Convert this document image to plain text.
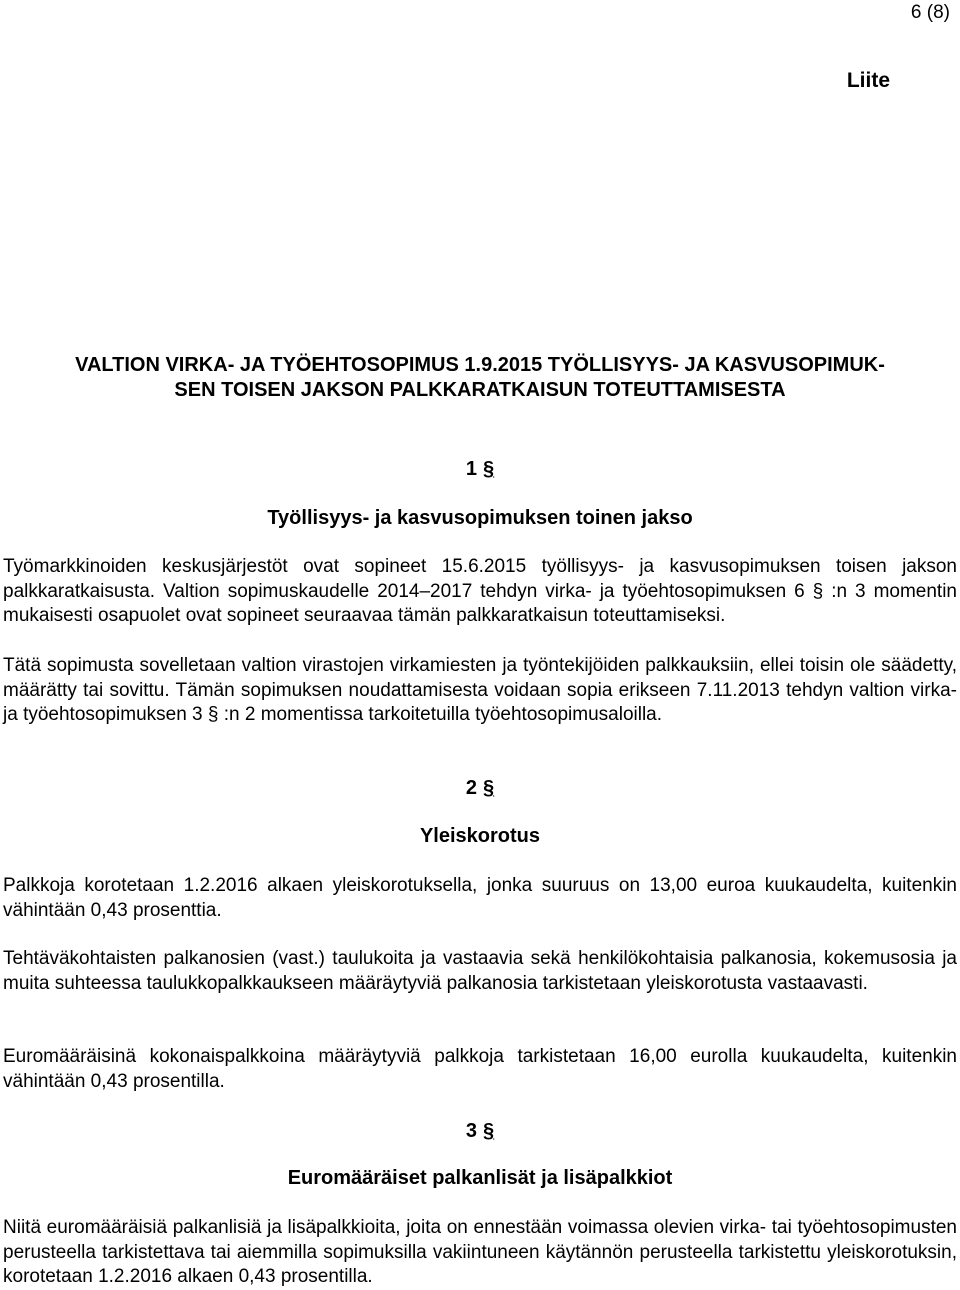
6 (8)
Liite
VALTION VIRKA- JA TYÖEHTOSOPIMUS 1.9.2015 TYÖLLISYYS- JA KASVUSOPIMUK-
SEN TOISEN JAKSON PALKKARATKAISUN TOTEUTTAMISESTA
1 §
Työllisyys- ja kasvusopimuksen toinen jakso

Työmarkkinoiden keskusjärjestöt ovat sopineet 15.6.2015 työllisyys- ja kasvusopimuksen toisen jakson palkkaratkaisusta. Valtion sopimuskaudelle 2014–2017 tehdyn virka- ja työehtosopimuksen 6 § :n 3 momentin mukaisesti osapuolet ovat sopineet seuraavaa tämän palkkaratkaisun toteuttamiseksi.

Tätä sopimusta sovelletaan valtion virastojen virkamiesten ja työntekijöiden palkkauksiin, ellei toisin ole säädetty, määrätty tai sovittu. Tämän sopimuksen noudattamisesta voidaan sopia erikseen 7.11.2013 tehdyn valtion virka- ja työehtosopimuksen 3 § :n 2 momentissa tarkoitetuilla työehtosopimusaloilla.

2 §
Yleiskorotus

Palkkoja korotetaan 1.2.2016 alkaen yleiskorotuksella, jonka suuruus on 13,00 euroa kuukaudelta, kuitenkin vähintään 0,43 prosenttia.

Tehtäväkohtaisten palkanosien (vast.) taulukoita ja vastaavia sekä henkilökohtaisia palkanosia, kokemusosia ja muita suhteessa taulukkopalkkaukseen määräytyviä palkanosia tarkistetaan yleiskorotusta vastaavasti.

Euromääräisinä kokonaispalkkoina määräytyviä palkkoja tarkistetaan 16,00 eurolla kuukaudelta, kuitenkin vähintään 0,43 prosentilla.

3 §
Euromääräiset palkanlisät ja lisäpalkkiot

Niitä euromääräisiä palkanlisiä ja lisäpalkkioita, joita on ennestään voimassa olevien virka- tai työehtosopimusten perusteella tarkistettava tai aiemmilla sopimuksilla vakiintuneen käytännön perusteella tarkistettu yleiskorotuksin, korotetaan 1.2.2016 alkaen 0,43 prosentilla.
